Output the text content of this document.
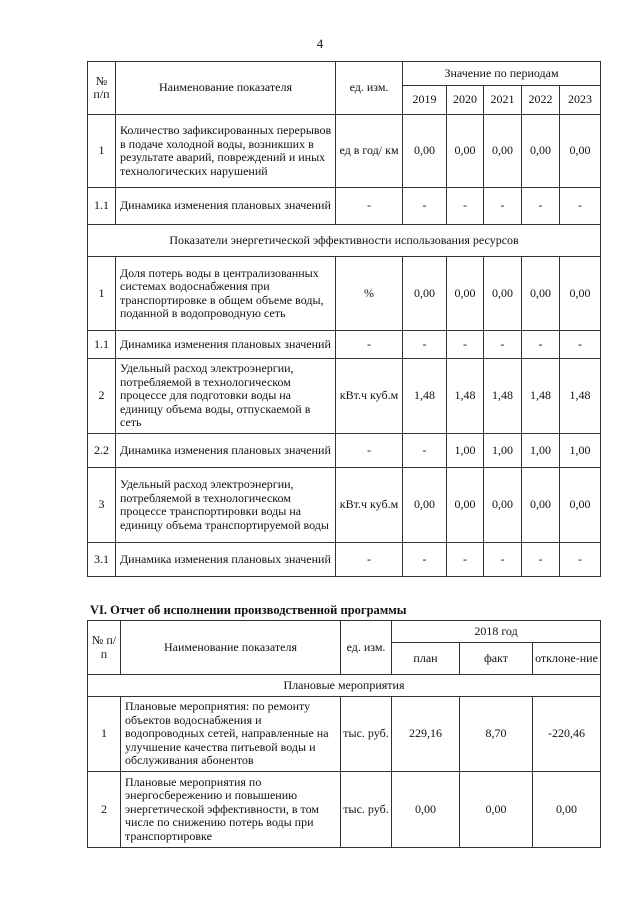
4
№ п/п	Наименование показателя	ед. изм.	Значение по периодам				
			2019	2020	2021	2022	2023
1	Количество зафиксированных перерывов в подаче холодной воды, возникших в результате аварий, повреждений и иных технологических нарушений	ед в год/ км	0,00	0,00	0,00	0,00	0,00
1.1	Динамика изменения плановых значений	-	-	-	-	-	-
Показатели энергетической эффективности использования ресурсов							
1	Доля потерь воды в централизованных системах водоснабжения при транспортировке в общем объеме воды, поданной в водопроводную сеть	%	0,00	0,00	0,00	0,00	0,00
1.1	Динамика изменения плановых значений	-	-	-	-	-	-
2	Удельный расход электроэнергии, потребляемой в технологическом процессе для подготовки воды на единицу объема воды, отпускаемой в сеть	кВт.ч куб.м	1,48	1,48	1,48	1,48	1,48
2.2	Динамика изменения плановых значений	-	-	1,00	1,00	1,00	1,00
3	Удельный расход электроэнергии, потребляемой в технологическом процессе транспортировки воды на единицу объема транспортируемой воды	кВт.ч куб.м	0,00	0,00	0,00	0,00	0,00
3.1	Динамика изменения плановых значений	-	-	-	-	-	-
VI. Отчет об исполнении производственной программы
№ п/п	Наименование показателя	ед. изм.	2018 год		
			план	факт	отклоне-ние
Плановые мероприятия					
1	Плановые мероприятия: по ремонту объектов водоснабжения и водопроводных сетей, направленные на улучшение качества питьевой воды и обслуживания абонентов	тыс. руб.	229,16	8,70	-220,46
2	Плановые мероприятия по энергосбережению и повышению энергетической эффективности, в том числе по снижению потерь воды при транспортировке	тыс. руб.	0,00	0,00	0,00
